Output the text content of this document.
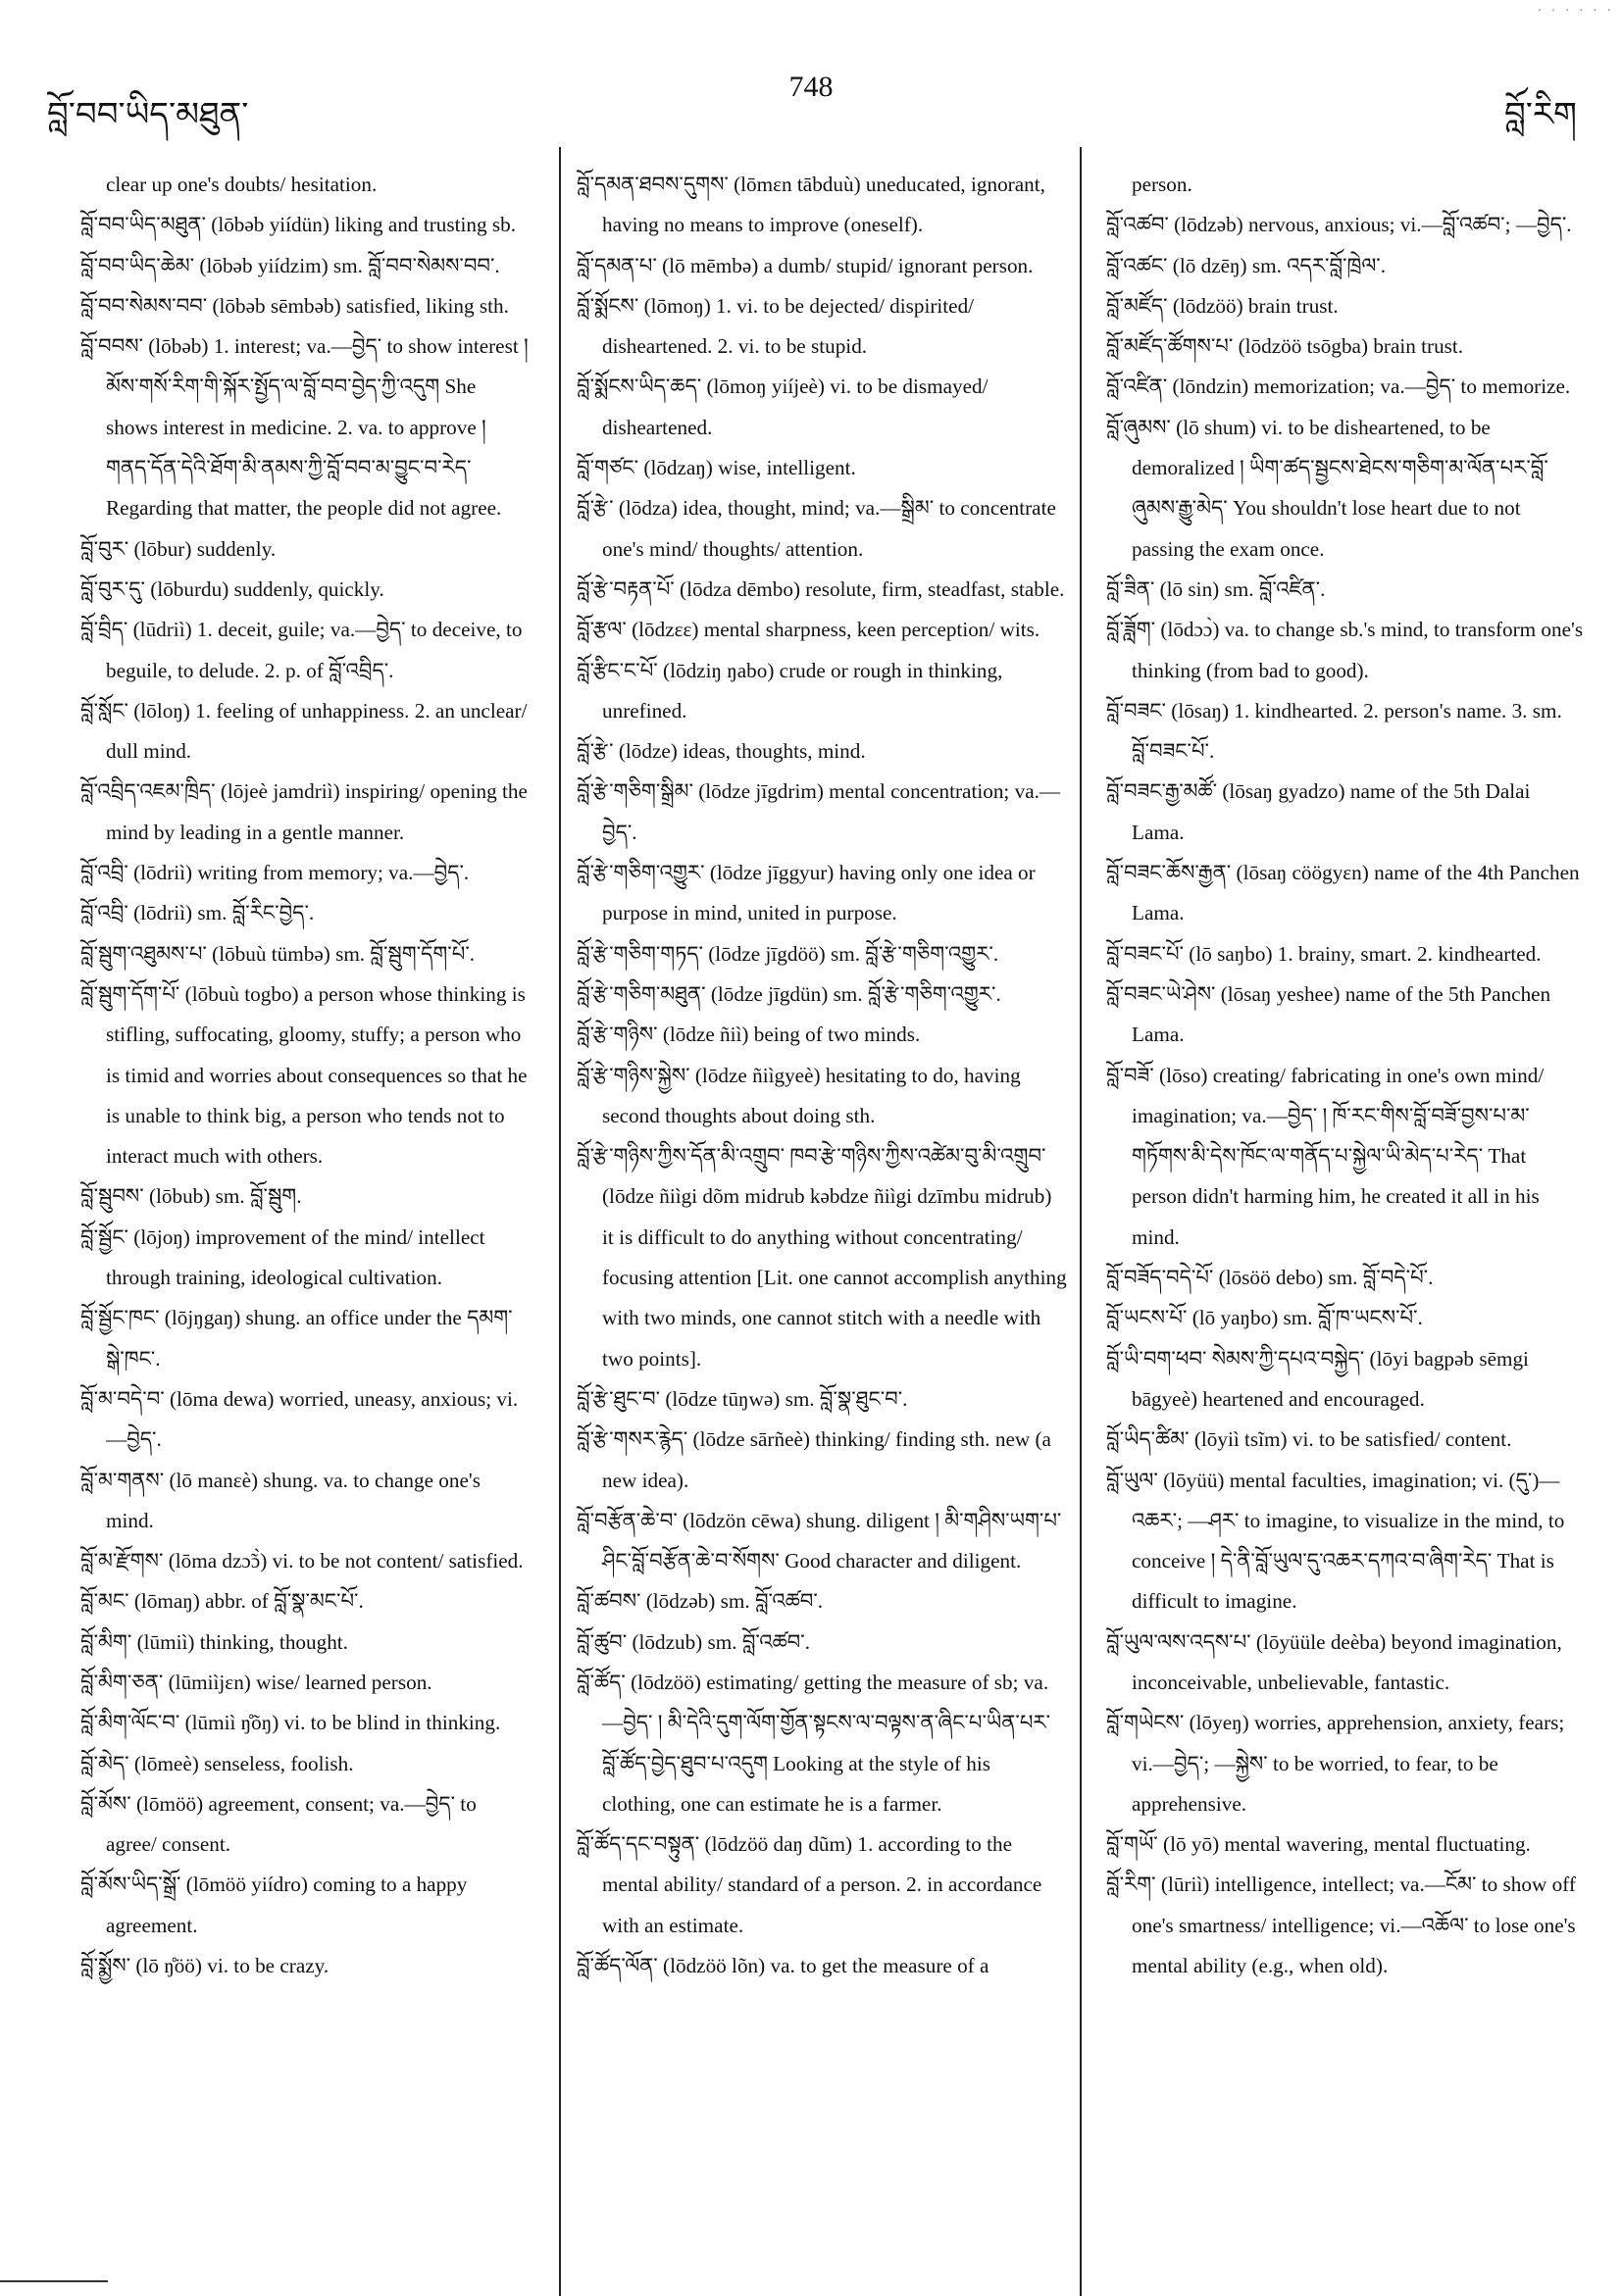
· · · · · ·
བློ་བབ་ཡིད་མཐུན་
748
བློ་རིག
clear up one's doubts/ hesitation.
བློ་བབ་ཡིད་མཐུན་ (lōbəb yiídün) liking and trusting sb.
བློ་བབ་ཡིད་ཆེམ་ (lōbəb yiídzim) sm. བློ་བབ་སེམས་བབ་.
བློ་བབ་སེམས་བབ་ (lōbəb sēmbəb) satisfied, liking sth.
བློ་བབས་ (lōbəb) 1. interest; va.—བྱེད་ to show interest ། མོས་གསོ་རིག་གི་སྐོར་སྤྱོད་ལ་བློ་བབ་བྱེད་ཀྱི་འདུག She shows interest in medicine. 2. va. to approve ། གནད་དོན་དེའི་ཐོག་མི་ནམས་ཀྱི་བློ་བབ་མ་བྱུང་བ་རེད་ Regarding that matter, the people did not agree.
བློ་བུར་ (lōbur) suddenly.
བློ་བུར་དུ་ (lōburdu) suddenly, quickly.
བློ་བྲིད་ (lūdriì) 1. deceit, guile; va.—བྱེད་ to deceive, to beguile, to delude. 2. p. of བློ་འབྲིད་.
བློ་སློང་ (lōloŋ) 1. feeling of unhappiness. 2. an unclear/ dull mind.
བློ་འབྲིད་འཇམ་ཁྲིད་ (lōjeè jamdriì) inspiring/ opening the mind by leading in a gentle manner.
བློ་འབྲི་ (lōdriì) writing from memory; va.—བྱེད་.
བློ་འབྲི་ (lōdriì) sm. བློ་རིང་བྱེད་.
བློ་སྦུག་འཐུམས་པ་ (lōbuù tümbə) sm. བློ་སྦུག་དོག་པོ་.
བློ་སྦུག་དོག་པོ་ (lōbuù togbo) a person whose thinking is stifling, suffocating, gloomy, stuffy; a person who is timid and worries about consequences so that he is unable to think big, a person who tends not to interact much with others.
བློ་སྦུབས་ (lōbub) sm. བློ་སྦུག.
བློ་སྦྱོང་ (lōjoŋ) improvement of the mind/ intellect through training, ideological cultivation.
བློ་སྦྱོང་ཁང་ (lōjŋgaŋ) shung. an office under the དམག་སྒེ་ཁང་.
བློ་མ་བདེ་བ་ (lōma dewa) worried, uneasy, anxious; vi.—བྱེད་.
བློ་མ་གནས་ (lō manεè) shung. va. to change one's mind.
བློ་མ་རྫོགས་ (lōma dzɔ̃ɔ̀) vi. to be not content/ satisfied.
བློ་མང་ (lōmaŋ) abbr. of བློ་སྣ་མང་པོ་.
བློ་མིག་ (lūmiì) thinking, thought.
བློ་མིག་ཅན་ (lūmiìjεn) wise/ learned person.
བློ་མིག་ལོང་བ་ (lūmiì ŋ̊õŋ) vi. to be blind in thinking.
བློ་མེད་ (lōmeè) senseless, foolish.
བློ་མོས་ (lōmöö) agreement, consent; va.—བྱེད་ to agree/ consent.
བློ་མོས་ཡིད་སྒྲོ་ (lōmöö yiídro) coming to a happy agreement.
བློ་སྨྱོས་ (lō ŋ̊öö) vi. to be crazy.
བློ་དམན་ཐབས་དུགས་ (lōmεn tābduù) uneducated, ignorant, having no means to improve (oneself).
བློ་དམན་པ་ (lō mēmbə) a dumb/ stupid/ ignorant person.
བློ་སྨོངས་ (lōmoŋ) 1. vi. to be dejected/ dispirited/ disheartened. 2. vi. to be stupid.
བློ་སྨོངས་ཡིད་ཆད་ (lōmoŋ yiíjeè) vi. to be dismayed/ disheartened.
བློ་གཙང་ (lōdzaŋ) wise, intelligent.
བློ་རྩེ་ (lōdza) idea, thought, mind; va.—སྒྲིམ་ to concentrate one's mind/ thoughts/ attention.
བློ་རྩེ་བརྟན་པོ་ (lōdza dēmbo) resolute, firm, steadfast, stable.
བློ་རྩལ་ (lōdzεε) mental sharpness, keen perception/ wits.
བློ་རྩིང་ང་པོ་ (lōdziŋ ŋabo) crude or rough in thinking, unrefined.
བློ་རྩེ་ (lōdze) ideas, thoughts, mind.
བློ་རྩེ་གཅིག་སྒྲིམ་ (lōdze jīgdrim) mental concentration; va.— བྱེད་.
བློ་རྩེ་གཅིག་འགྱུར་ (lōdze jīggyur) having only one idea or purpose in mind, united in purpose.
བློ་རྩེ་གཅིག་གཏད་ (lōdze jīgdöö) sm. བློ་རྩེ་གཅིག་འགྱུར་.
བློ་རྩེ་གཅིག་མཐུན་ (lōdze jīgdün) sm. བློ་རྩེ་གཅིག་འགྱུར་.
བློ་རྩེ་གཉིས་ (lōdze ñiì) being of two minds.
བློ་རྩེ་གཉིས་སྐྱེས་ (lōdze ñiìgyeè) hesitating to do, having second thoughts about doing sth.
བློ་རྩེ་གཉིས་ཀྱིས་དོན་མི་འགྲུབ་ ཁབ་རྩེ་གཉིས་ཀྱིས་འཚེམ་བུ་མི་འགྲུབ་ (lōdze ñiìgi dõm midrub kəbdze ñiìgi dzīmbu midrub) it is difficult to do anything without concentrating/ focusing attention [Lit. one cannot accomplish anything with two minds, one cannot stitch with a needle with two points].
བློ་རྩེ་ཐུང་བ་ (lōdze tūŋwə) sm. བློ་སྣ་ཐུང་བ་.
བློ་རྩེ་གསར་རྙེད་ (lōdze sārñeè) thinking/ finding sth. new (a new idea).
བློ་བརྩོན་ཆེ་བ་ (lōdzön cēwa) shung. diligent ། མི་གཤིས་ཡག་པ་ཤིང་བློ་བརྩོན་ཆེ་བ་སོགས་ Good character and diligent.
བློ་ཚབས་ (lōdzəb) sm. བློ་འཚབ་.
བློ་ཚུབ་ (lōdzub) sm. བློ་འཚབ་.
བློ་ཚོད་ (lōdzöö) estimating/ getting the measure of sb; va.—བྱེད་ ། མི་དེའི་དུག་ལོག་གྱོན་སྟངས་ལ་བལྟས་ན་ཞིང་པ་ཡིན་པར་བློ་ཚོད་བྱེད་ཐུབ་པ་འདུག Looking at the style of his clothing, one can estimate he is a farmer.
བློ་ཚོད་དང་བསྟུན་ (lōdzöö daŋ dũm) 1. according to the mental ability/ standard of a person. 2. in accordance with an estimate.
བློ་ཚོད་ལོན་ (lōdzöö lõn) va. to get the measure of a
person.
བློ་འཚབ་ (lōdzəb) nervous, anxious; vi.—བློ་འཚབ་; —བྱེད་.
བློ་འཚང་ (lō dzēŋ) sm. འདར་བློ་ཁྲེལ་.
བློ་མཛོད་ (lōdzöö) brain trust.
བློ་མཛོད་ཚོགས་པ་ (lōdzöö tsōgba) brain trust.
བློ་འཛིན་ (lōndzin) memorization; va.—བྱེད་ to memorize.
བློ་ཞུམས་ (lō shum) vi. to be disheartened, to be demoralized ། ཡིག་ཚད་སྦྱངས་ཐེངས་གཅིག་མ་ལོན་པར་བློ་ཞུམས་རྒྱུ་མེད་ You shouldn't lose heart due to not passing the exam once.
བློ་ཟིན་ (lō sin) sm. བློ་འཛིན་.
བློ་ཟློག་ (lōdɔɔ̀) va. to change sb.'s mind, to transform one's thinking (from bad to good).
བློ་བཟང་ (lōsaŋ) 1. kindhearted. 2. person's name. 3. sm. བློ་བཟང་པོ་.
བློ་བཟང་རྒྱ་མཚོ་ (lōsaŋ gyadzo) name of the 5th Dalai Lama.
བློ་བཟང་ཆོས་རྒྱན་ (lōsaŋ cöögyεn) name of the 4th Panchen Lama.
བློ་བཟང་པོ་ (lō saŋbo) 1. brainy, smart. 2. kindhearted.
བློ་བཟང་ཡེ་ཤེས་ (lōsaŋ yeshee) name of the 5th Panchen Lama.
བློ་བཟོ་ (lōso) creating/ fabricating in one's own mind/ imagination; va.—བྱེད་ ། ཁོ་རང་གིས་བློ་བཟོ་བྱས་པ་མ་གཏོགས་མི་དེས་ཁོང་ལ་གནོད་པ་སྐྱེལ་ཡི་མེད་པ་རེད་ That person didn't harming him, he created it all in his mind.
བློ་བཟོད་བདེ་པོ་ (lōsöö debo) sm. བློ་བདེ་པོ་.
བློ་ཡངས་པོ་ (lō yaŋbo) sm. བློ་ཁ་ཡངས་པོ་.
བློ་ཡི་བག་ཕབ་ སེམས་ཀྱི་དཔའ་བསྐྱེད་ (lōyi bagpəb sēmgi bāgyeè) heartened and encouraged.
བློ་ཡིད་ཚིམ་ (lōyiì tsĩm) vi. to be satisfied/ content.
བློ་ཡུལ་ (lōyüü) mental faculties, imagination; vi. (དུ་)—འཆར་; —ཤར་ to imagine, to visualize in the mind, to conceive ། དེ་ནི་བློ་ཡུལ་དུ་འཆར་དཀའ་བ་ཞིག་རེད་ That is difficult to imagine.
བློ་ཡུལ་ལས་འདས་པ་ (lōyüüle deèba) beyond imagination, inconceivable, unbelievable, fantastic.
བློ་གཡེངས་ (lōyeŋ) worries, apprehension, anxiety, fears; vi.—བྱེད་; —སྐྱེས་ to be worried, to fear, to be apprehensive.
བློ་གཡོ་ (lō yō) mental wavering, mental fluctuating.
བློ་རིག་ (lūriì) intelligence, intellect; va.—ངོམ་ to show off one's smartness/ intelligence; vi.—འཆོལ་ to lose one's mental ability (e.g., when old).
